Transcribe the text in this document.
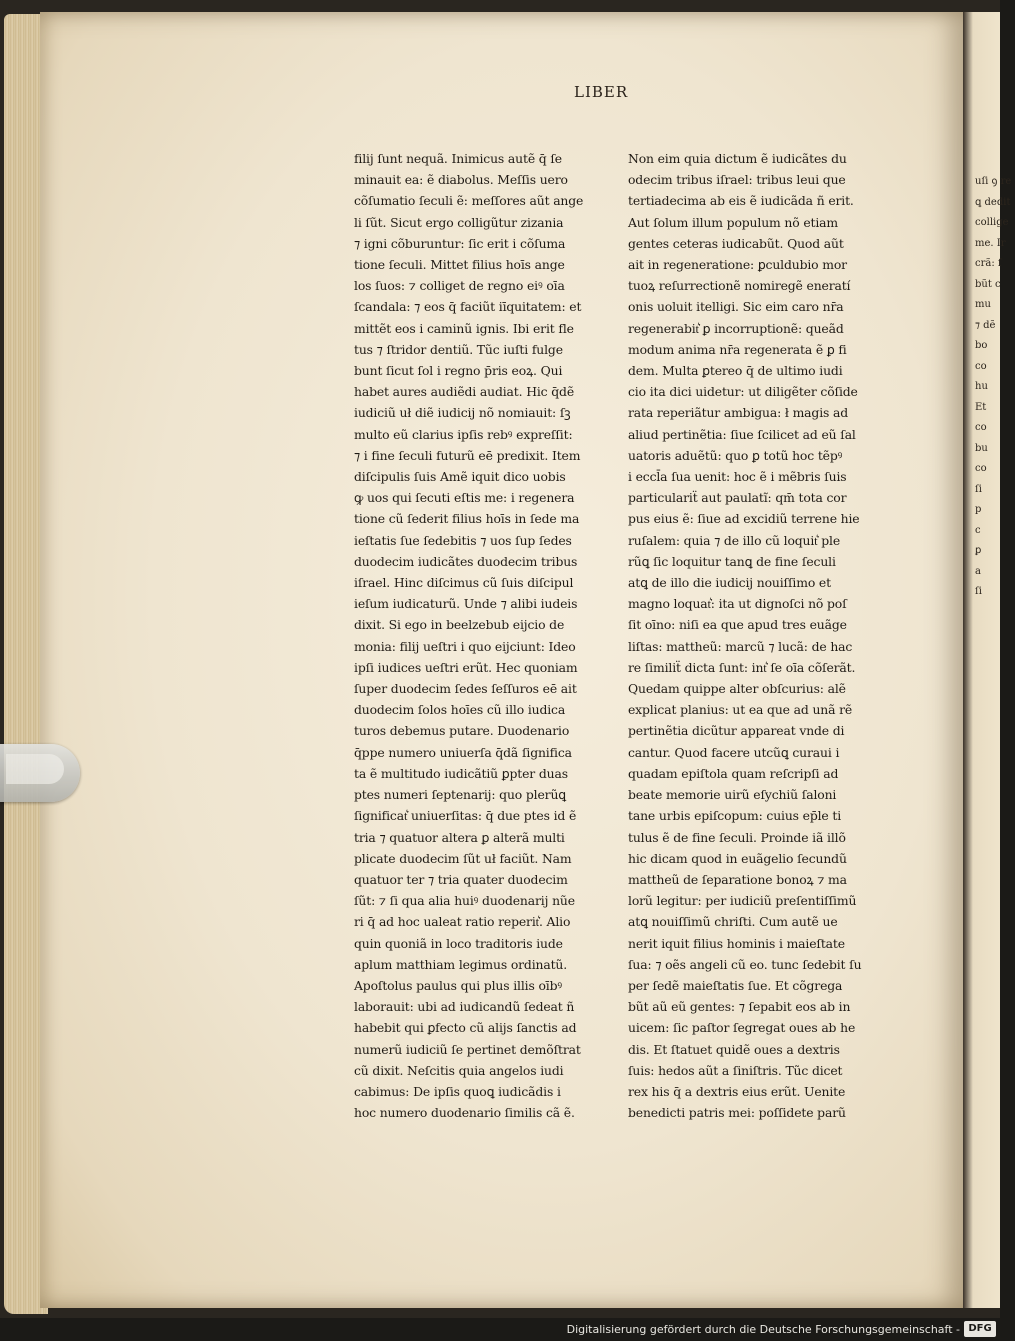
uſi ꝯ re
ꝗ dedit
collige
me. Ir
crã: ſ
bũt c
mu
⁊ dẽ
bo
co
hu
Et
co
bu
co
ſi
p
c
ꝑ
a
ſi
LIBER
filij ſunt nequã. Inimicus autẽ q̄ ſe
minauit ea: ẽ diabolus. Meſſis uero
cõſumatio ſeculi ẽ: meſſores aũt ange
li ſũt. Sicut ergo colligũtur zizania
⁊ igni cõburuntur: ſic erit i cõſuma
tione ſeculi. Mittet filius hoīs ange
los ſuos: ⁊ colliget de regno eiꝰ oīa
ſcandala: ⁊ eos q̄ faciũt iīquitatem: et
mittẽt eos i caminũ ignis. Ibi erit fle
tus ⁊ ſtridor dentiũ. Tũc iuſti fulge
bunt ſicut ſol i regno p̄ris eoꝝ. Qui
habet aures audiẽdi audiat. Hic q̄dẽ
iudiciũ uł diẽ iudicij nõ nomiauit: ſꝫ
multo eũ clarius ipſis rebꝰ expreſſit:
⁊ i fine ſeculi futurũ eē predixit. Item
diſcipulis ſuis Amẽ iquit dico uobis
ꝙ uos qui ſecuti eſtis me: i regenera
tione cũ ſederit filius hoīs in ſede ma
ieſtatis ſue ſedebitis ⁊ uos ſup ſedes
duodecim iudicãtes duodecim tribus
iſrael. Hinc diſcimus cũ ſuis diſcipul
ieſum iudicaturũ. Unde ⁊ alibi iudeis
dixit. Si ego in beelzebub eijcio de
monia: filij ueſtri i quo eijciunt: Ideo
ipſi iudices ueſtri erũt. Hec quoniam
ſuper duodecim ſedes ſeſſuros eē ait
duodecim ſolos hoīes cũ illo iudica
turos debemus putare. Duodenario
q̄ppe numero uniuerſa q̄dã ſignifica
ta ẽ multitudo iudicãtiũ ꝑpter duas
ptes numeri ſeptenarij: quo plerũꝗ
ſignificat͛ uniuerſitas: q̄ due ptes id ẽ
tria ⁊ quatuor altera ꝑ alterã multi
plicate duodecim ſũt uł faciũt. Nam
quatuor ter ⁊ tria quater duodecim
ſũt: ⁊ ſi qua alia huiꝰ duodenarij nũe
ri q̄ ad hoc ualeat ratio reperit͛. Alio
quin quoniã in loco traditoris iude
aplum matthiam legimus ordinatũ.
Apoſtolus paulus qui plus illis oībꝰ
laborauit: ubi ad iudicandũ ſedeat ñ
habebit qui ꝑfecto cũ alijs ſanctis ad
numerũ iudiciũ ſe pertinet demõſtrat
cũ dixit. Neſcitis quia angelos iudi
cabimus: De ipſis quoꝗ iudicãdis i
hoc numero duodenario ſimilis cã ẽ.
Non eim quia dictum ẽ iudicãtes du
odecim tribus iſrael: tribus leui que
tertiadecima ab eis ẽ iudicãda ñ erit.
Aut ſolum illum populum nõ etiam
gentes ceteras iudicabũt. Quod aũt
ait in regeneratione: ꝑculdubio mor
tuoꝝ reſurrectionẽ nomiregẽ eneratí
onis uoluit itelligi. Sic eim caro nr̄a
regenerabit͛ ꝑ incorruptionẽ: queãd
modum anima nr̄a regenerata ẽ ꝑ fi
dem. Multa ꝑtereo q̄ de ultimo iudi
cio ita dici uidetur: ut diligẽter cõſide
rata reperiãtur ambigua: ł magis ad
aliud pertinẽtia: ſiue ſcilicet ad eũ ſal
uatoris aduẽtũ: quo ꝑ totũ hoc tẽpꝰ
i eccl̄a ſua uenit: hoc ẽ i mẽbris ſuis
particulariẗ aut paulatĩ: qm̄ tota cor
pus eius ẽ: ſiue ad excidiũ terrene hie
ruſalem: quia ⁊ de illo cũ loquit͛ ple
rũꝗ ſic loquitur tanꝗ de fine ſeculi
atꝗ de illo die iudicij nouiſſimo et
magno loquat͛: ita ut dignoſci nõ poſ
ſit oīno: niſi ea que apud tres euãge
liſtas: mattheũ: marcũ ⁊ lucã: de hac
re ſimiliẗ dicta ſunt: int͛ ſe oīa cõſerãt.
Quedam quippe alter obſcurius: alẽ
explicat planius: ut ea que ad unã rẽ
pertinẽtia dicũtur appareat vnde di
cantur. Quod facere utcũꝗ curaui i
quadam epiſtola quam reſcripſi ad
beate memorie uirũ eſychiũ ſaloni
tane urbis epiſcopum: cuius ep̄le ti
tulus ẽ de fine ſeculi. Proinde iã illõ
hic dicam quod in euãgelio ſecundũ
mattheũ de ſeparatione bonoꝝ ⁊ ma
lorũ legitur: per iudiciũ preſentiſſimũ
atꝗ nouiſſimũ chriſti. Cum autẽ ue
nerit iquit filius hominis i maieſtate
ſua: ⁊ oẽs angeli cũ eo. tunc ſedebit ſu
per ſedẽ maieſtatis ſue. Et cõgrega
bũt aũ eũ gentes: ⁊ ſepabit eos ab in
uicem: ſic paſtor ſegregat oues ab he
dis. Et ſtatuet quidẽ oues a dextris
ſuis: hedos aũt a ſiniſtris. Tũc dicet
rex his q̄ a dextris eius erũt. Uenite
benedicti patris mei: poſſidete parũ
Digitalisierung gefördert durch die Deutsche Forschungsgemeinschaft - DFG
